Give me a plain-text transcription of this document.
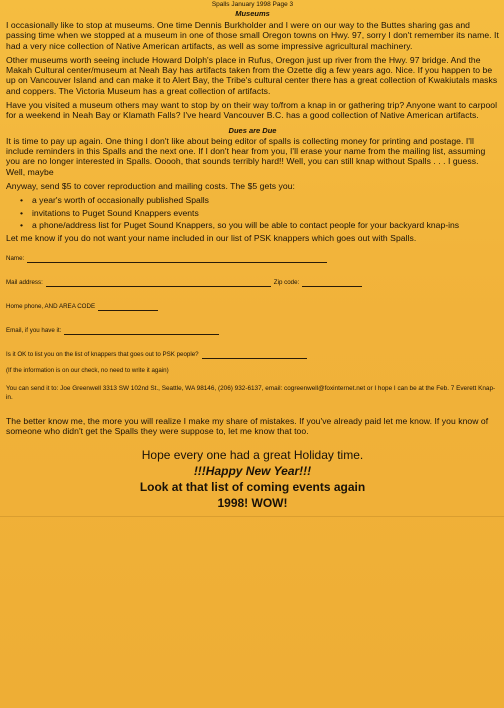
Spalls January 1998 Page 3
Museums

I occasionally like to stop at museums. One time Dennis Burkholder and I were on our way to the Buttes sharing gas and passing time when we stopped at a museum in one of those small Oregon towns on Hwy. 97, sorry I don't remember its name. It had a very nice collection of Native American artifacts, as well as some impressive agricultural machinery.

Other museums worth seeing include Howard Dolph's place in Rufus, Oregon just up river from the Hwy. 97 bridge. And the Makah Cultural center/museum at Neah Bay has artifacts taken from the Ozette dig a few years ago. Nice. If you happen to be up on Vancouver Island and can make it to Alert Bay, the Tribe's cultural center there has a great collection of Kwakiutals masks and coppers. The Victoria Museum has a great collection of artifacts.

Have you visited a museum others may want to stop by on their way to/from a knap in or gathering trip? Anyone want to carpool for a weekend in Neah Bay or Klamath Falls? I've heard Vancouver B.C. has a good collection of Native American artifacts.

Dues are Due

It is time to pay up again. One thing I don't like about being editor of spalls is collecting money for printing and postage. I'll include reminders in this Spalls and the next one. If I don't hear from you, I'll erase your name from the mailing list, assuming you are no longer interested in Spalls. Ooooh, that sounds terribly hard!! Well, you can still knap without Spalls . . . I guess. Well, maybe

Anyway, send $5 to cover reproduction and mailing costs. The $5 gets you:

• a year's worth of occasionally published Spalls
• invitations to Puget Sound Knappers events
• a phone/address list for Puget Sound Knappers, so you will be able to contact people for your backyard knap-ins

Let me know if you do not want your name included in our list of PSK knappers which goes out with Spalls.

Name:
Mail address:	Zip code:
Home phone, AND AREA CODE
Email, if you have it:
Is it OK to list you on the list of knappers that goes out to PSK people?
(If the information is on our check, no need to write it again)
You can send it to: Joe Greenwell 3313 SW 102nd St., Seattle, WA 98146, (206) 932-6137, email: cogreenwell@foxinternet.net or I hope I can be at the Feb. 7 Everett Knap-in.

The better know me, the more you will realize I make my share of mistakes. If you've already paid let me know. If you know of someone who didn't get the Spalls they were suppose to, let me know that too.

Hope every one had a great Holiday time.
!!!Happy New Year!!!
Look at that list of coming events again
1998! WOW!
